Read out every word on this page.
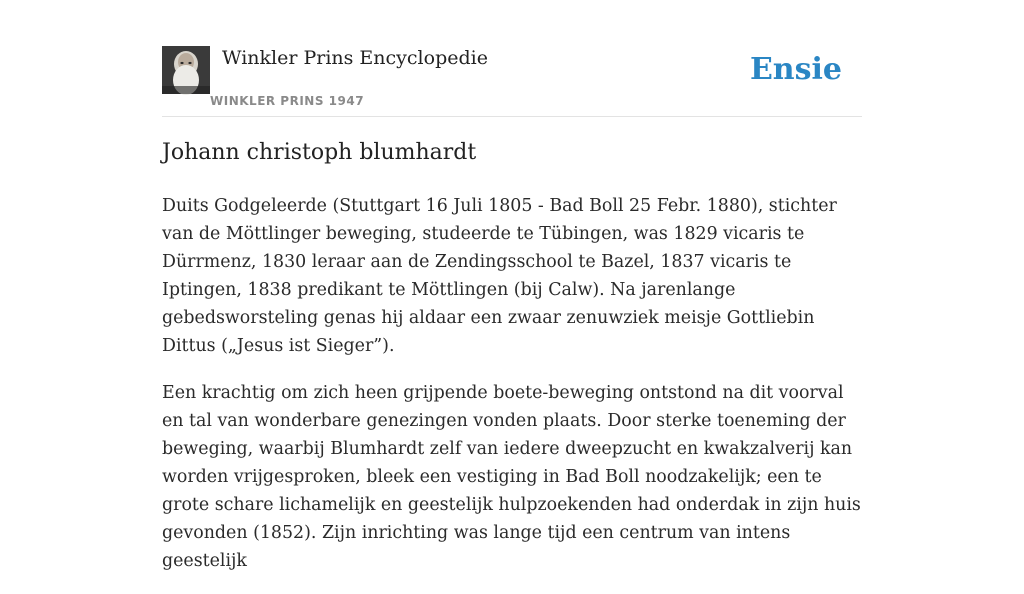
Winkler Prins Encyclopedie
WINKLER PRINS 1947
Ensie
Johann christoph blumhardt

Duits Godgeleerde (Stuttgart 16 Juli 1805 - Bad Boll 25 Febr. 1880), stichter van de Möttlinger beweging, studeerde te Tübingen, was 1829 vicaris te Dürrmenz, 1830 leraar aan de Zendingsschool te Bazel, 1837 vicaris te Iptingen, 1838 predikant te Möttlingen (bij Calw). Na jarenlange gebedsworsteling genas hij aldaar een zwaar zenuwziek meisje Gottliebin Dittus („Jesus ist Sieger”).

Een krachtig om zich heen grijpende boete-beweging ontstond na dit voorval en tal van wonderbare genezingen vonden plaats. Door sterke toeneming der beweging, waarbij Blumhardt zelf van iedere dweepzucht en kwakzalverij kan worden vrijgesproken, bleek een vestiging in Bad Boll noodzakelijk; een te grote schare lichamelijk en geestelijk hulpzoekenden had onderdak in zijn huis gevonden (1852). Zijn inrichting was lange tijd een centrum van intens geestelijk
